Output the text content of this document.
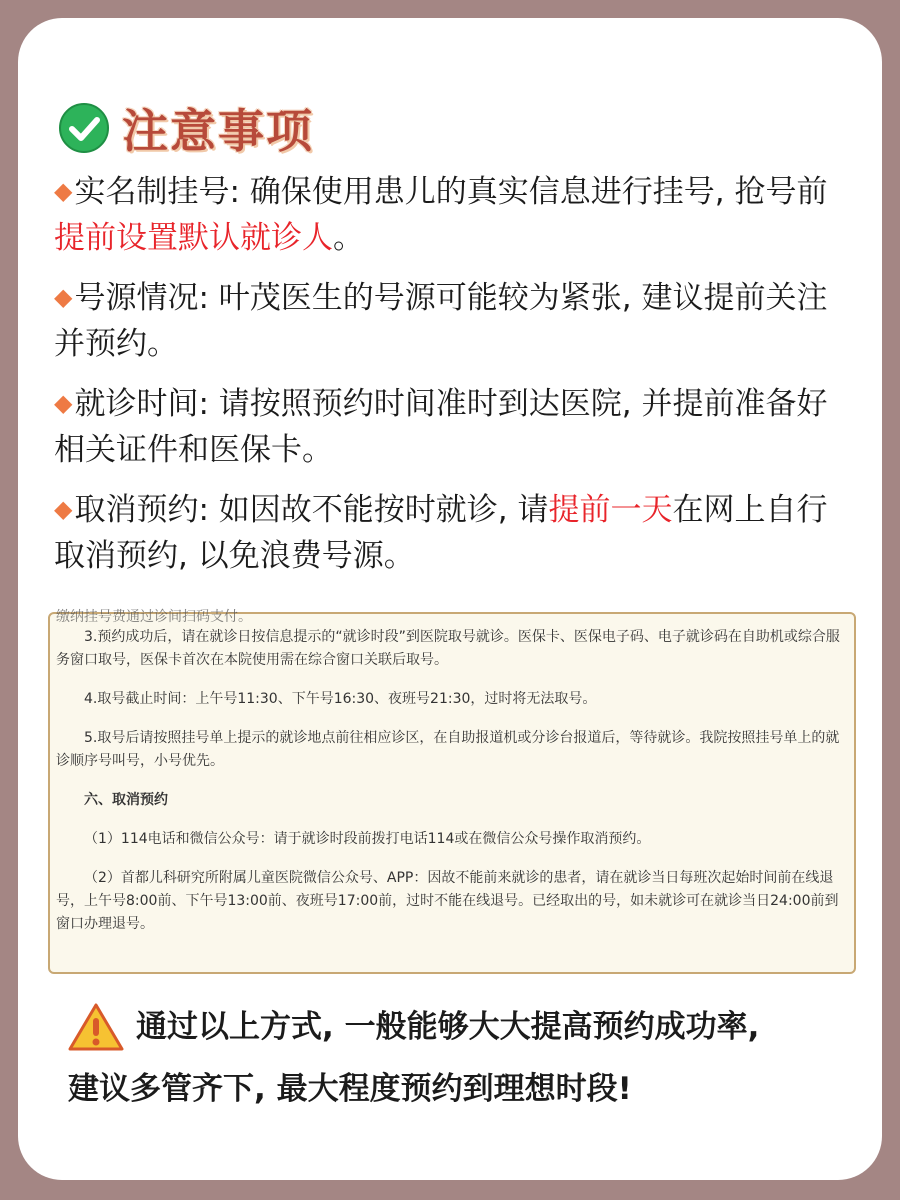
注意事项

◆实名制挂号: 确保使用患儿的真实信息进行挂号, 抢号前提前设置默认就诊人。

◆号源情况: 叶茂医生的号源可能较为紧张, 建议提前关注并预约。

◆就诊时间: 请按照预约时间准时到达医院, 并提前准备好相关证件和医保卡。

◆取消预约: 如因故不能按时就诊, 请提前一天在网上自行取消预约, 以免浪费号源。

缴纳挂号费通过诊间扫码支付。

3.预约成功后，请在就诊日按信息提示的“就诊时段”到医院取号就诊。医保卡、医保电子码、电子就诊码在自助机或综合服务窗口取号，医保卡首次在本院使用需在综合窗口关联后取号。

4.取号截止时间：上午号11:30、下午号16:30、夜班号21:30，过时将无法取号。

5.取号后请按照挂号单上提示的就诊地点前往相应诊区，在自助报道机或分诊台报道后，等待就诊。我院按照挂号单上的就诊顺序号叫号，小号优先。

六、取消预约

（1）114电话和微信公众号：请于就诊时段前拨打电话114或在微信公众号操作取消预约。

（2）首都儿科研究所附属儿童医院微信公众号、APP：因故不能前来就诊的患者，请在就诊当日每班次起始时间前在线退号，上午号8:00前、下午号13:00前、夜班号17:00前，过时不能在线退号。已经取出的号，如未就诊可在就诊当日24:00前到窗口办理退号。

通过以上方式, 一般能够大大提高预约成功率,
建议多管齐下, 最大程度预约到理想时段!
